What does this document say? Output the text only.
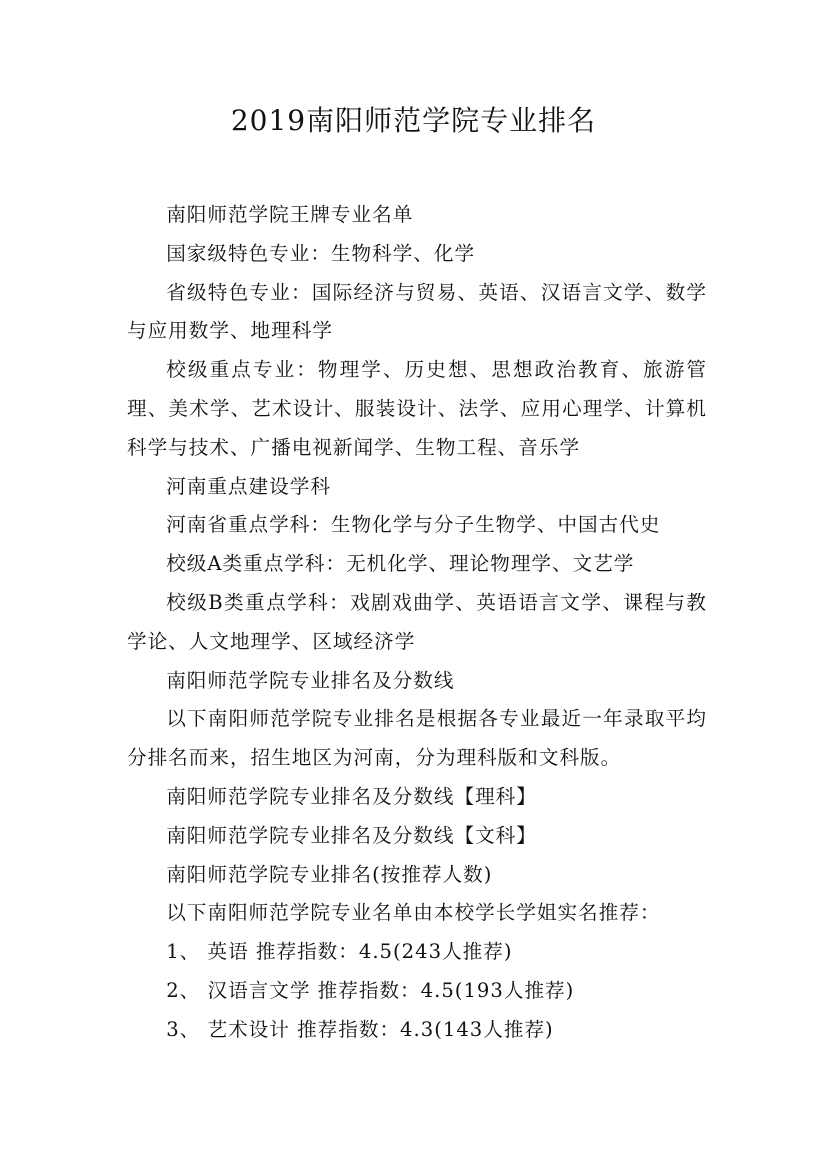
2019南阳师范学院专业排名

南阳师范学院王牌专业名单

国家级特色专业：生物科学、化学

省级特色专业：国际经济与贸易、英语、汉语言文学、数学与应用数学、地理科学

校级重点专业：物理学、历史想、思想政治教育、旅游管理、美术学、艺术设计、服装设计、法学、应用心理学、计算机科学与技术、广播电视新闻学、生物工程、音乐学

河南重点建设学科

河南省重点学科：生物化学与分子生物学、中国古代史

校级A类重点学科：无机化学、理论物理学、文艺学

校级B类重点学科：戏剧戏曲学、英语语言文学、课程与教学论、人文地理学、区域经济学

南阳师范学院专业排名及分数线

以下南阳师范学院专业排名是根据各专业最近一年录取平均分排名而来，招生地区为河南，分为理科版和文科版。

南阳师范学院专业排名及分数线【理科】

南阳师范学院专业排名及分数线【文科】

南阳师范学院专业排名(按推荐人数)

以下南阳师范学院专业名单由本校学长学姐实名推荐：

1、 英语 推荐指数：4.5(243人推荐)

2、 汉语言文学 推荐指数：4.5(193人推荐)

3、 艺术设计 推荐指数：4.3(143人推荐)
